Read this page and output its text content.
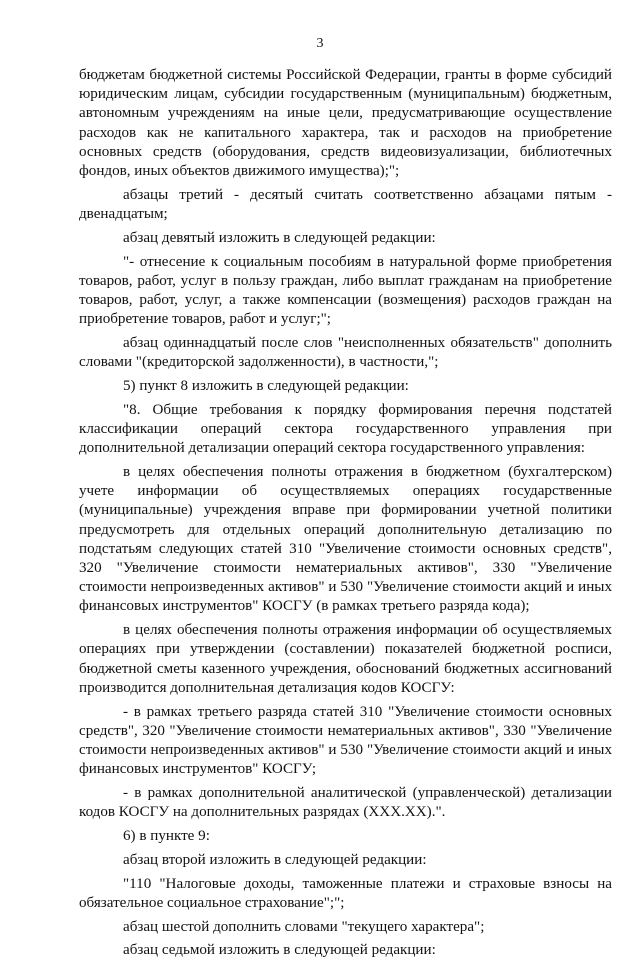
3

бюджетам бюджетной системы Российской Федерации, гранты в форме субсидий юридическим лицам, субсидии государственным (муниципальным) бюджетным, автономным учреждениям на иные цели, предусматривающие осуществление расходов как не капитального характера, так и расходов на приобретение основных средств (оборудования, средств видеовизуализации, библиотечных фондов, иных объектов движимого имущества);";

абзацы третий - десятый считать соответственно абзацами пятым - двенадцатым;

абзац девятый изложить в следующей редакции:

"- отнесение к социальным пособиям в натуральной форме приобретения товаров, работ, услуг в пользу граждан, либо выплат гражданам на приобретение товаров, работ, услуг, а также компенсации (возмещения) расходов граждан на приобретение товаров, работ и услуг;";

абзац одиннадцатый после слов "неисполненных обязательств" дополнить словами "(кредиторской задолженности), в частности,";

5) пункт 8 изложить в следующей редакции:

"8. Общие требования к порядку формирования перечня подстатей классификации операций сектора государственного управления при дополнительной детализации операций сектора государственного управления:

в целях обеспечения полноты отражения в бюджетном (бухгалтерском) учете информации об осуществляемых операциях государственные (муниципальные) учреждения вправе при формировании учетной политики предусмотреть для отдельных операций дополнительную детализацию по подстатьям следующих статей 310 "Увеличение стоимости основных средств", 320 "Увеличение стоимости нематериальных активов", 330 "Увеличение стоимости непроизведенных активов" и 530 "Увеличение стоимости акций и иных финансовых инструментов" КОСГУ (в рамках третьего разряда кода);

в целях обеспечения полноты отражения информации об осуществляемых операциях при утверждении (составлении) показателей бюджетной росписи, бюджетной сметы казенного учреждения, обоснований бюджетных ассигнований производится дополнительная детализация кодов КОСГУ:

- в рамках третьего разряда статей 310 "Увеличение стоимости основных средств", 320 "Увеличение стоимости нематериальных активов", 330 "Увеличение стоимости непроизведенных активов" и 530 "Увеличение стоимости акций и иных финансовых инструментов" КОСГУ;

- в рамках дополнительной аналитической (управленческой) детализации кодов КОСГУ на дополнительных разрядах (ХХХ.ХХ).".

6) в пункте 9:

абзац второй изложить в следующей редакции:

"110 "Налоговые доходы, таможенные платежи и страховые взносы на обязательное социальное страхование";";

абзац шестой дополнить словами "текущего характера";

абзац седьмой изложить в следующей редакции:
